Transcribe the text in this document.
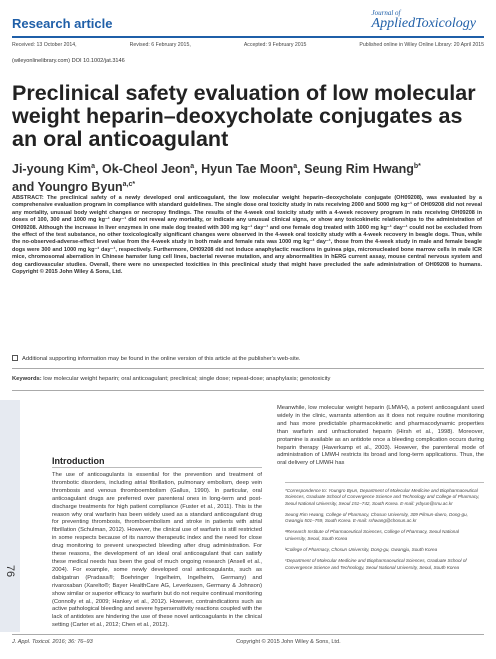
Research article
Journal of
AppliedToxicology
Received: 13 October 2014,	Revised: 6 February 2015,	Accepted: 9 February 2015	Published online in Wiley Online Library: 20 April 2015
(wileyonlinelibrary.com) DOI 10.1002/jat.3146
Preclinical safety evaluation of low molecular weight heparin–deoxycholate conjugates as an oral anticoagulant
Ji-young Kim$^a$, Ok-Cheol Jeon$^a$, Hyun Tae Moon$^a$, Seung Rim Hwang$^{b*}$
and Youngro Byun$^{a,c*}$
ABSTRACT: The preclinical safety of a newly developed oral anticoagulant, the low molecular weight heparin–deoxycholate conjugate (OH09208), was evaluated by a comprehensive evaluation program in compliance with standard guidelines. The single dose oral toxicity study in rats receiving 2000 and 5000 mg kg⁻¹ of OH09208 did not reveal any mortality, unusual body weight changes or necropsy findings. The results of the 4-week oral toxicity study with a 4-week recovery program in rats receiving OH09208 in doses of 100, 300 and 1000 mg kg⁻¹ day⁻¹ did not reveal any mortality, or indicate any unusual clinical signs, or show any toxicokinetic relationships to the administration of OH09208. Although the increase in liver enzymes in one male dog treated with 300 mg kg⁻¹ day⁻¹ and one female dog treated with 1000 mg kg⁻¹ day⁻¹ could not be excluded from the effect of the test substance, no other toxicologically significant changes were observed in the 4-week oral toxicity study with a 4-week recovery in beagle dogs. Thus, while the no-observed-adverse-effect level value from the 4-week study in both male and female rats was 1000 mg kg⁻¹ day⁻¹, those from the 4-week study in male and female beagle dogs were 300 and 1000 mg kg⁻¹ day⁻¹, respectively. Furthermore, OH09208 did not induce anaphylactic reactions in guinea pigs, micronucleated bone marrow cells in male ICR mice, chromosomal aberration in Chinese hamster lung cell lines, bacterial reverse mutation, and any abnormalities in hERG current assay, mouse central nervous system and dog cardiovascular studies. Overall, there were no unexpected toxicities in this preclinical study that might have precluded the safe administration of OH09208 to humans. Copyright © 2015 John Wiley & Sons, Ltd.
Additional supporting information may be found in the online version of this article at the publisher's web-site.
Keywords: low molecular weight heparin; oral anticoagulant; preclinical; single dose; repeat-dose; anaphylaxis; genotoxicity
Meanwhile, low molecular weight heparin (LMWH), a potent anticoagulant used widely in the clinic, warrants attention as it does not require routine monitoring and has more predictable pharmacokinetic and pharmacodynamic properties than warfarin and unfractionated heparin (Hirsh et al., 1998). Moreover, protamine is available as an antidote once a bleeding complication occurs during heparin therapy (Haverkamp et al., 2003). However, the parenteral mode of administration of LMWH restricts its broad and long-term applications. Thus, the oral delivery of LMWH has
Introduction
The use of anticoagulants is essential for the prevention and treatment of thrombotic disorders, including atrial fibrillation, pulmonary embolism, deep vein thrombosis and venous thromboembolism (Gallus, 1990). In particular, oral anticoagulant drugs are preferred over parenteral ones in long-term and post-discharge treatments for high patient compliance (Fuster et al., 2011). This is the reason why oral warfarin has been widely used as a standard anticoagulant drug for preventing thrombosis, thromboembolism and stroke in patients with atrial fibrillation (Schulman, 2012). However, the clinical use of warfarin is still restricted in some respects because of its narrow therapeutic index and the need for close drug monitoring to prevent unexpected bleeding after drug administration. For these reasons, the development of an ideal oral anticoagulant that can satisfy these medical needs has been the goal of much ongoing research (Ansell et al., 2004). For example, some newly developed oral anticoagulants, such as dabigatran (Pradaxa®; Boehringer Ingelheim, Ingelheim, Germany) and rivaroxaban (Xarelto®; Bayer HealthCare AG, Leverkusen, Germany & Johnson) show similar or superior efficacy to warfarin but do not require continual monitoring (Connolly et al., 2009; Hankey et al., 2012). However, contraindications such as active pathological bleeding and severe hypersensitivity reactions coupled with the lack of antidotes are hindering the use of these novel anticoagulants in the clinical setting (Carter et al., 2012; Chen et al., 2012).
76

*Correspondence to: Youngro Byun, Department of Molecular Medicine and Biopharmaceutical Sciences, Graduate School of Convergence Science and Technology and College of Pharmacy, Seoul National University, Seoul 151–742, South Korea. E-mail: yrbyun@snu.ac.kr

Seung Rim Hwang, College of Pharmacy, Chosun University, 309 Pilmun-daero, Dong-gu, Gwangju 501–759, South Korea. E-mail: srhwang@chosun.ac.kr

ᵃResearch Institute of Pharmaceutical Sciences, College of Pharmacy, Seoul National University, Seoul, South Korea

ᵇCollege of Pharmacy, Chosun University, Dong-gu, Gwangju, South Korea

ᶜDepartment of Molecular Medicine and Biopharmaceutical Sciences, Graduate School of Convergence Science and Technology, Seoul National University, Seoul, South Korea

J. Appl. Toxicol. 2016; 36: 76–93	Copyright © 2015 John Wiley & Sons, Ltd.
